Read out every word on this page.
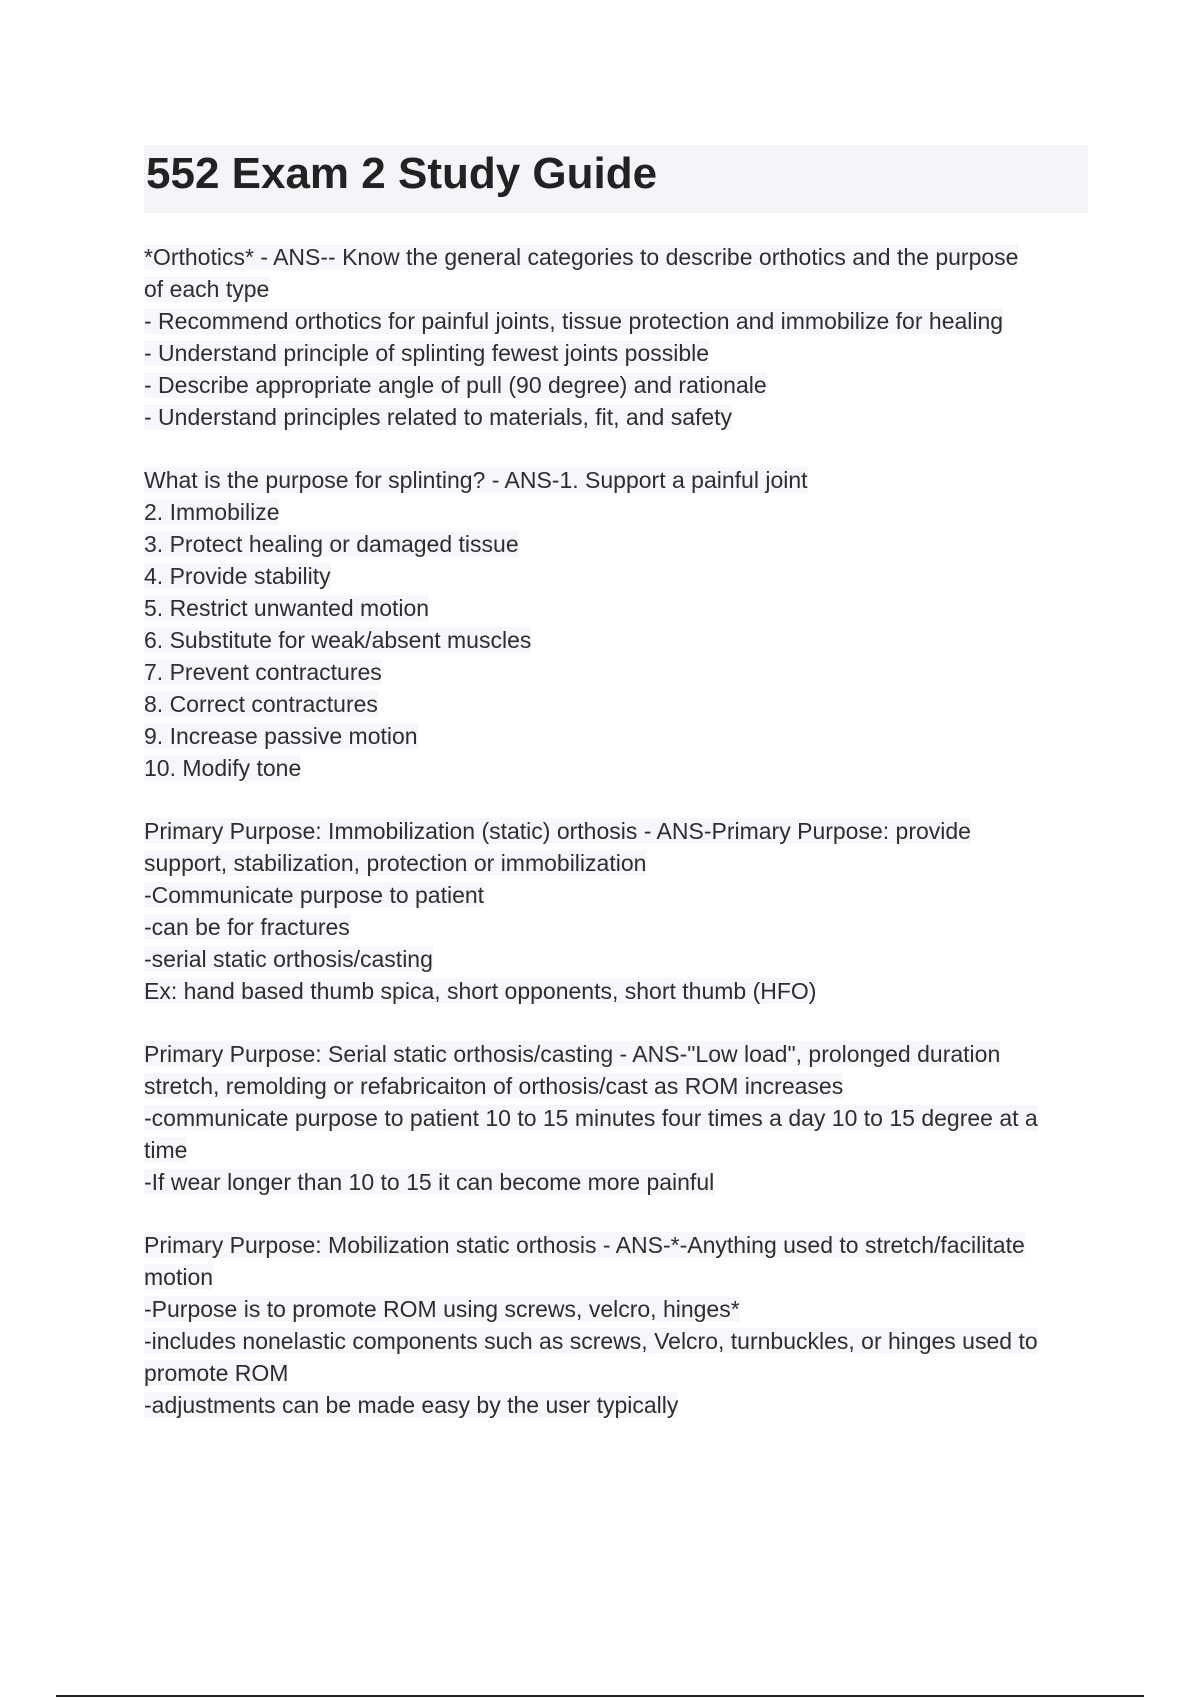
552 Exam 2 Study Guide
*Orthotics* - ANS-- Know the general categories to describe orthotics and the purpose
of each type
- Recommend orthotics for painful joints, tissue protection and immobilize for healing
- Understand principle of splinting fewest joints possible
- Describe appropriate angle of pull (90 degree) and rationale
- Understand principles related to materials, fit, and safety
What is the purpose for splinting? - ANS-1. Support a painful joint
2. Immobilize
3. Protect healing or damaged tissue
4. Provide stability
5. Restrict unwanted motion
6. Substitute for weak/absent muscles
7. Prevent contractures
8. Correct contractures
9. Increase passive motion
10. Modify tone
Primary Purpose: Immobilization (static) orthosis - ANS-Primary Purpose: provide
support, stabilization, protection or immobilization
-Communicate purpose to patient
-can be for fractures
-serial static orthosis/casting
Ex: hand based thumb spica, short opponents, short thumb (HFO)
Primary Purpose: Serial static orthosis/casting - ANS-"Low load", prolonged duration
stretch, remolding or refabricaiton of orthosis/cast as ROM increases
-communicate purpose to patient 10 to 15 minutes four times a day 10 to 15 degree at a
time
-If wear longer than 10 to 15 it can become more painful
Primary Purpose: Mobilization static orthosis - ANS-*-Anything used to stretch/facilitate
motion
-Purpose is to promote ROM using screws, velcro, hinges*
-includes nonelastic components such as screws, Velcro, turnbuckles, or hinges used to
promote ROM
-adjustments can be made easy by the user typically
